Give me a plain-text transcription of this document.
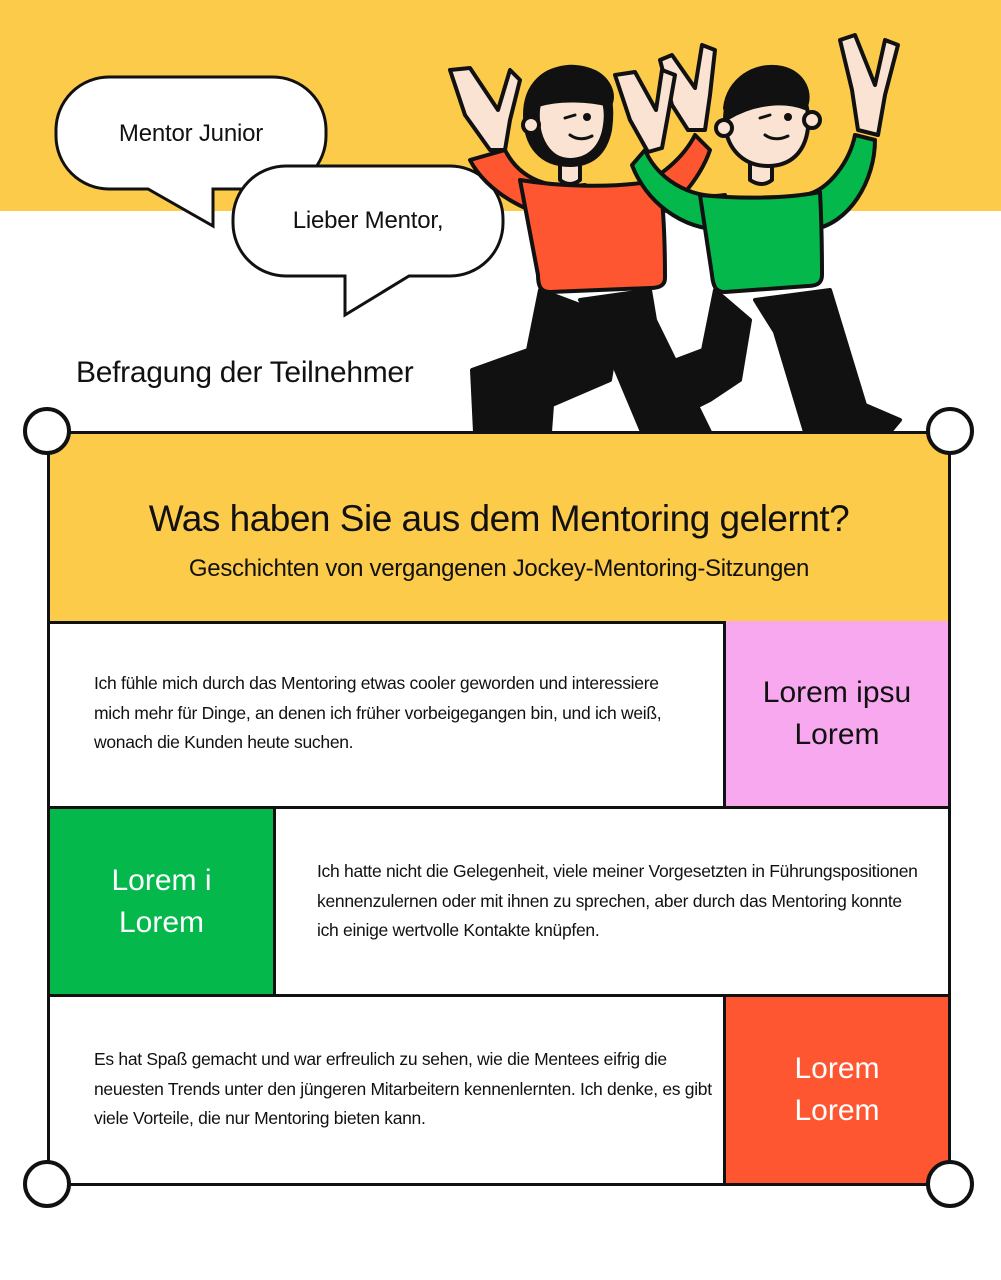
Mentor Junior
Lieber Mentor,
Befragung der Teilnehmer
Was haben Sie aus dem Mentoring gelernt?
Geschichten von vergangenen Jockey-Mentoring-Sitzungen
Ich fühle mich durch das Mentoring etwas cooler geworden und interessiere mich mehr für Dinge, an denen ich früher vorbeigegangen bin, und ich weiß, wonach die Kunden heute suchen.
Lorem ipsu
Lorem
Lorem i
Lorem
Ich hatte nicht die Gelegenheit, viele meiner Vorgesetzten in Führungspositionen kennenzulernen oder mit ihnen zu sprechen, aber durch das Mentoring konnte ich einige wertvolle Kontakte knüpfen.
Es hat Spaß gemacht und war erfreulich zu sehen, wie die Mentees eifrig die neuesten Trends unter den jüngeren Mitarbeitern kennenlernten. Ich denke, es gibt viele Vorteile, die nur Mentoring bieten kann.
Lorem
Lorem
